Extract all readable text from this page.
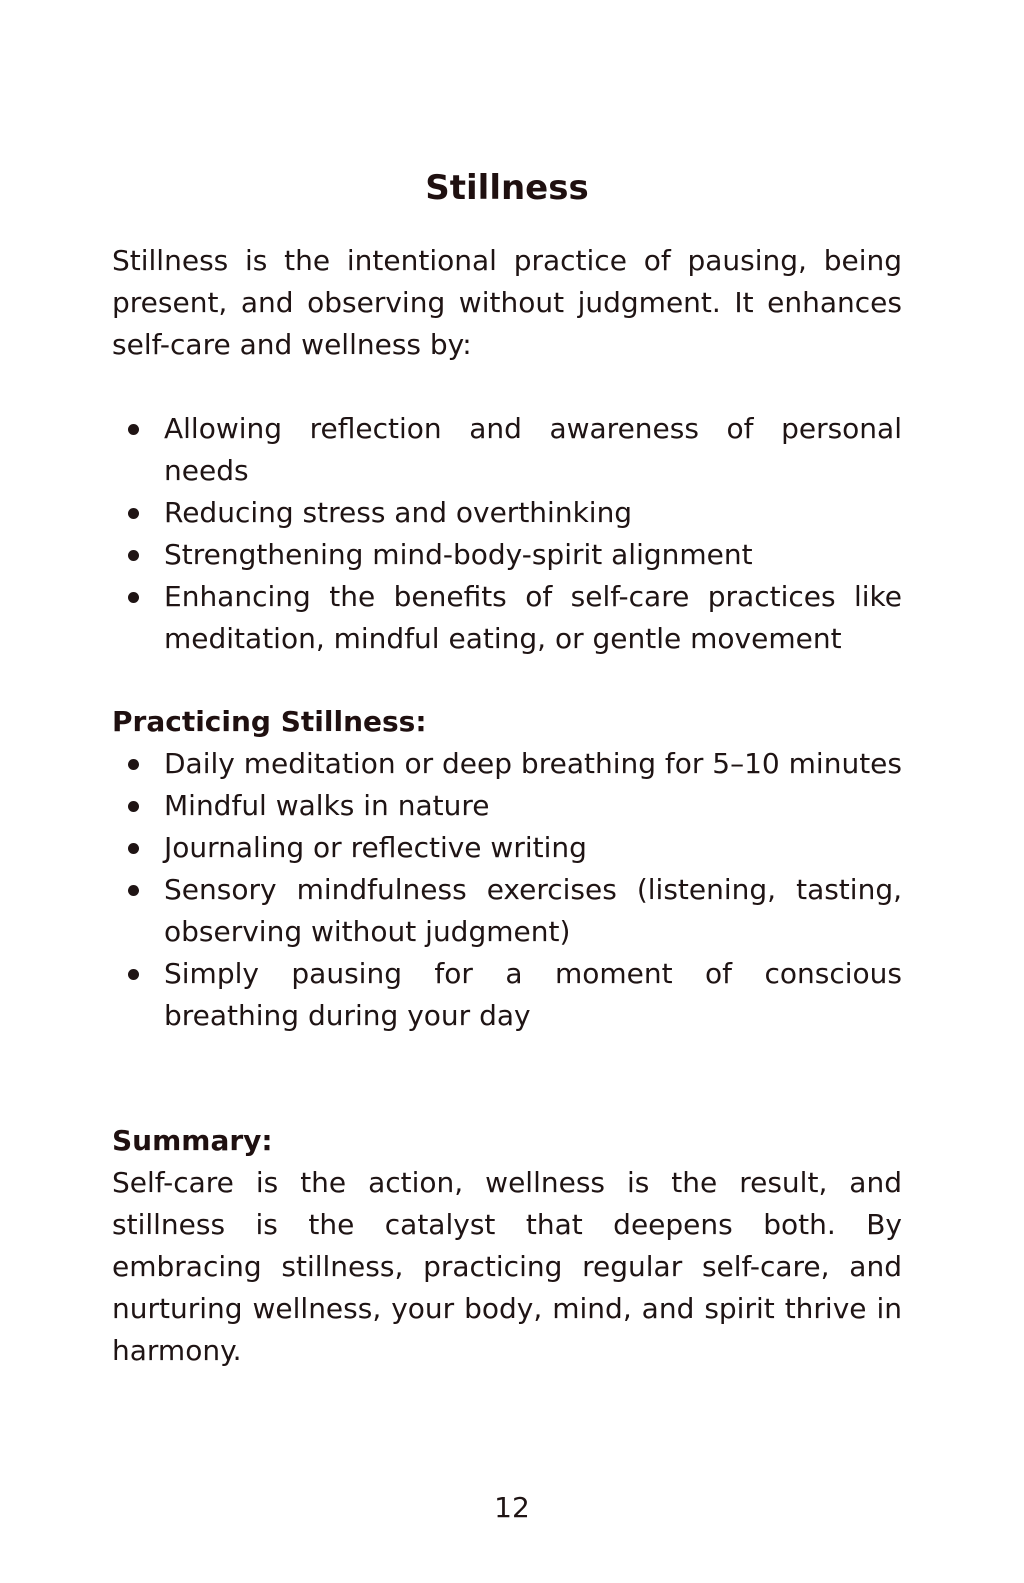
Stillness

Stillness is the intentional practice of pausing, being present, and observing without judgment. It enhances self-care and wellness by:

Allowing reflection and awareness of personal needs
Reducing stress and overthinking
Strengthening mind-body-spirit alignment
Enhancing the benefits of self-care practices like meditation, mindful eating, or gentle movement
Practicing Stillness:
Daily meditation or deep breathing for 5–10 minutes
Mindful walks in nature
Journaling or reflective writing
Sensory mindfulness exercises (listening, tasting, observing without judgment)
Simply pausing for a moment of conscious breathing during your day
Summary:

Self-care is the action, wellness is the result, and stillness is the catalyst that deepens both. By embracing stillness, practicing regular self-care, and nurturing wellness, your body, mind, and spirit thrive in harmony.

12
